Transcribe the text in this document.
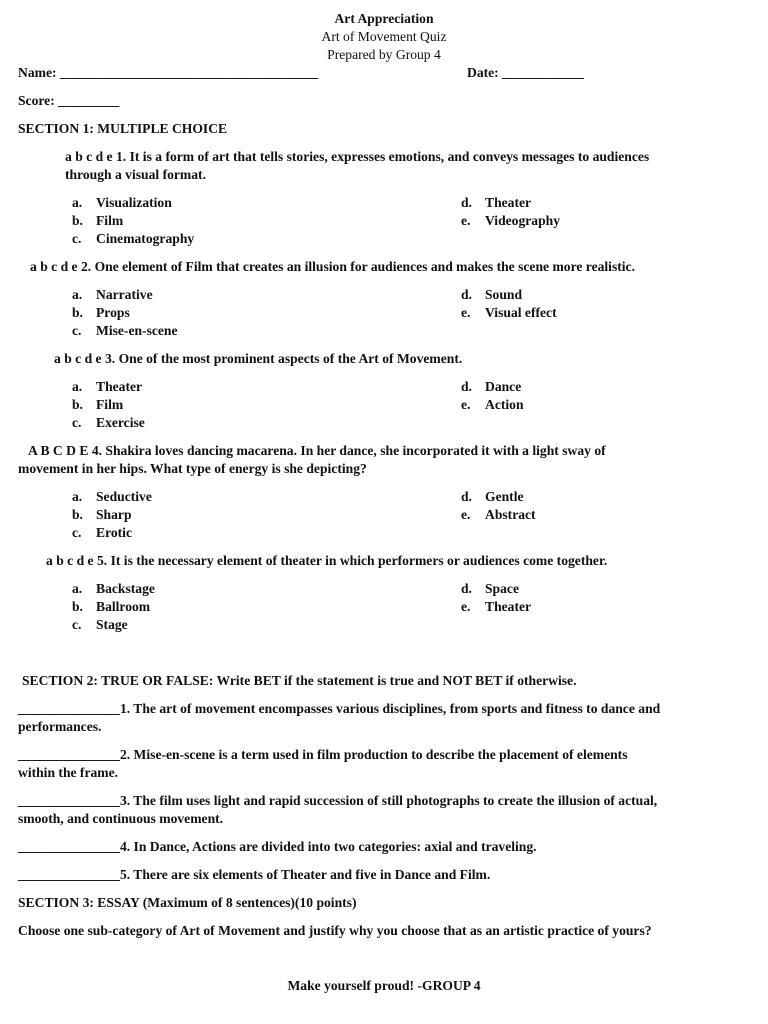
Art Appreciation
Art of Movement Quiz
Prepared by Group 4
Name: ______________________________________	Date: ____________
Score: _________
SECTION 1: MULTIPLE CHOICE
a b c d e 1. It is a form of art that tells stories, expresses emotions, and conveys messages to audiences
through a visual format.
a. Visualization
b. Film
c. Cinematography
d. Theater
e. Videography
a b c d e 2. One element of Film that creates an illusion for audiences and makes the scene more realistic.
a. Narrative
b. Props
c. Mise-en-scene
d. Sound
e. Visual effect
a b c d e 3. One of the most prominent aspects of the Art of Movement.
a. Theater
b. Film
c. Exercise
d. Dance
e. Action
A B C D E 4. Shakira loves dancing macarena. In her dance, she incorporated it with a light sway of
movement in her hips. What type of energy is she depicting?
a. Seductive
b. Sharp
c. Erotic
d. Gentle
e. Abstract
a b c d e 5. It is the necessary element of theater in which performers or audiences come together.
a. Backstage
b. Ballroom
c. Stage
d. Space
e. Theater
SECTION 2: TRUE OR FALSE: Write BET if the statement is true and NOT BET if otherwise.
_______________1. The art of movement encompasses various disciplines, from sports and fitness to dance and
performances.
_______________2. Mise-en-scene is a term used in film production to describe the placement of elements
within the frame.
_______________3. The film uses light and rapid succession of still photographs to create the illusion of actual,
smooth, and continuous movement.
_______________4. In Dance, Actions are divided into two categories: axial and traveling.
_______________5. There are six elements of Theater and five in Dance and Film.
SECTION 3: ESSAY (Maximum of 8 sentences)(10 points)
Choose one sub-category of Art of Movement and justify why you choose that as an artistic practice of yours?
Make yourself proud! -GROUP 4
